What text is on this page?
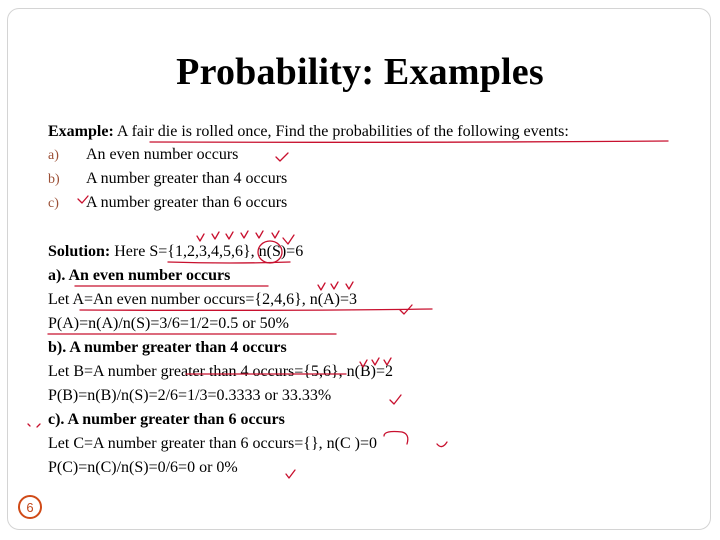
Probability: Examples
Example: A fair die is rolled once, Find the probabilities of the following events:
a) An even number occurs
b) A number greater than 4 occurs
c) A number greater than 6 occurs
Solution: Here S={1,2,3,4,5,6}, n(S)=6
a). An even number occurs
Let A=An even number occurs={2,4,6}, n(A)=3
P(A)=n(A)/n(S)=3/6=1/2=0.5 or 50%
b). A number greater than 4 occurs
Let B=A number greater than 4 occurs={5,6}, n(B)=2
P(B)=n(B)/n(S)=2/6=1/3=0.3333 or 33.33%
c). A number greater than 6 occurs
Let C=A number greater than 6 occurs={}, n(C )=0
P(C)=n(C)/n(S)=0/6=0 or 0%
6
